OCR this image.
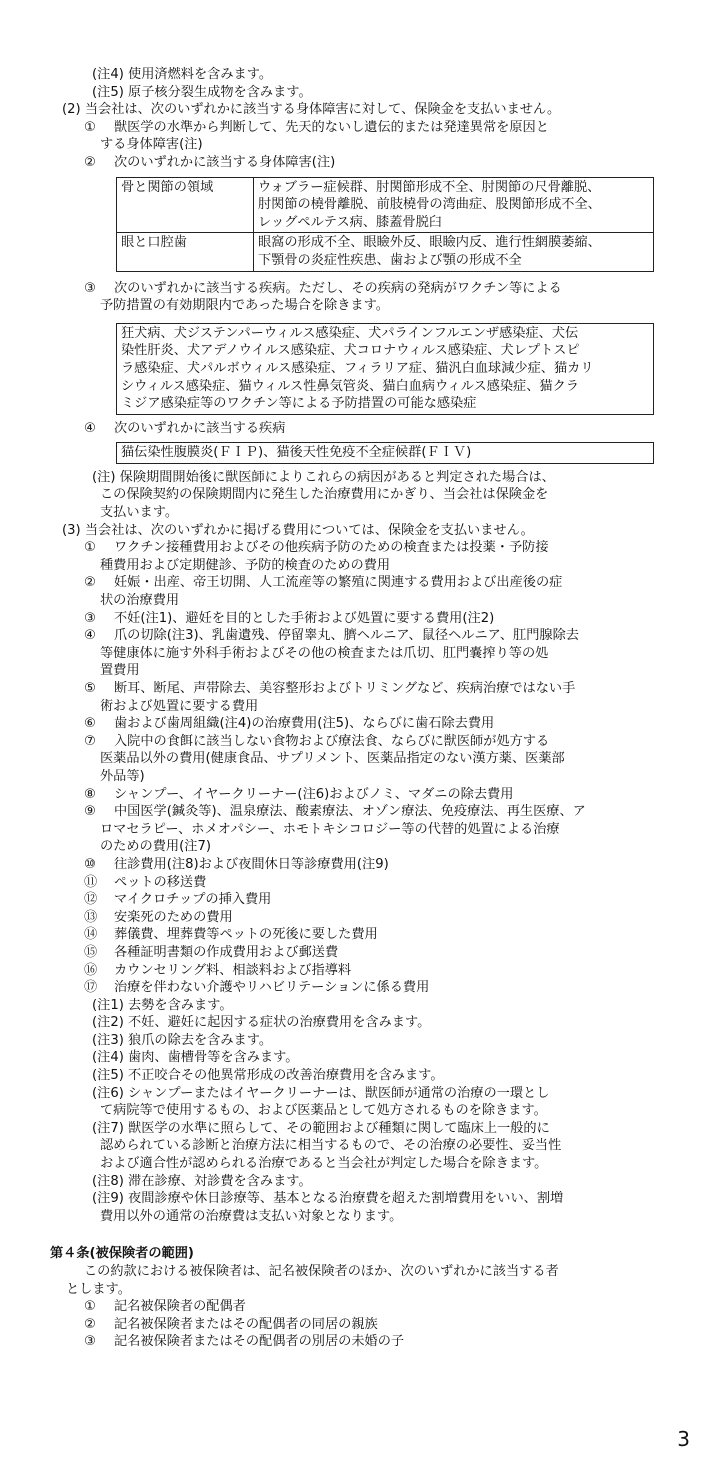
(注4) 使用済燃料を含みます。
(注5) 原子核分裂生成物を含みます。
(2) 当会社は、次のいずれかに該当する身体障害に対して、保険金を支払いません。
①	獣医学の水準から判断して、先天的ないし遺伝的または発達異常を原因と
する身体障害(注)
②	次のいずれかに該当する身体障害(注)
骨と関節の領域	ウォブラー症候群、肘関節形成不全、肘関節の尺骨離脱、
肘関節の橈骨離脱、前肢橈骨の湾曲症、股関節形成不全、
レッグペルテス病、膝蓋骨脱臼

眼と口腔歯	眼窩の形成不全、眼瞼外反、眼瞼内反、進行性網膜萎縮、
下顎骨の炎症性疾患、歯および顎の形成不全
③	次のいずれかに該当する疾病。ただし、その疾病の発病がワクチン等による
予防措置の有効期限内であった場合を除きます。
狂犬病、犬ジステンパーウィルス感染症、犬パラインフルエンザ感染症、犬伝
染性肝炎、犬アデノウイルス感染症、犬コロナウィルス感染症、犬レプトスピ
ラ感染症、犬パルボウィルス感染症、フィラリア症、猫汎白血球減少症、猫カリ
シウィルス感染症、猫ウィルス性鼻気管炎、猫白血病ウィルス感染症、猫クラ
ミジア感染症等のワクチン等による予防措置の可能な感染症
④	次のいずれかに該当する疾病
猫伝染性腹膜炎(ＦＩＰ)、猫後天性免疫不全症候群(ＦＩＶ)
(注) 保険期間開始後に獣医師によりこれらの病因があると判定された場合は、
この保険契約の保険期間内に発生した治療費用にかぎり、当会社は保険金を
支払います。
(3) 当会社は、次のいずれかに掲げる費用については、保険金を支払いません。
①	ワクチン接種費用およびその他疾病予防のための検査または投薬・予防接
種費用および定期健診、予防的検査のための費用
②	妊娠・出産、帝王切開、人工流産等の繁殖に関連する費用および出産後の症
状の治療費用
③	不妊(注1)、避妊を目的とした手術および処置に要する費用(注2)
④	爪の切除(注3)、乳歯遺残、停留睾丸、臍ヘルニア、鼠径ヘルニア、肛門腺除去
等健康体に施す外科手術およびその他の検査または爪切、肛門嚢搾り等の処
置費用
⑤	断耳、断尾、声帯除去、美容整形およびトリミングなど、疾病治療ではない手
術および処置に要する費用
⑥	歯および歯周組織(注4)の治療費用(注5)、ならびに歯石除去費用
⑦	入院中の食餌に該当しない食物および療法食、ならびに獣医師が処方する
医薬品以外の費用(健康食品、サプリメント、医薬品指定のない漢方薬、医薬部
外品等)
⑧	シャンプー、イヤークリーナー(注6)およびノミ、マダニの除去費用
⑨	中国医学(鍼灸等)、温泉療法、酸素療法、オゾン療法、免疫療法、再生医療、ア
ロマセラピー、ホメオパシー、ホモトキシコロジー等の代替的処置による治療
のための費用(注7)
⑩	往診費用(注8)および夜間休日等診療費用(注9)
⑪	ペットの移送費
⑫	マイクロチップの挿入費用
⑬	安楽死のための費用
⑭	葬儀費、埋葬費等ペットの死後に要した費用
⑮	各種証明書類の作成費用および郵送費
⑯	カウンセリング料、相談料および指導料
⑰	治療を伴わない介護やリハビリテーションに係る費用
(注1) 去勢を含みます。
(注2) 不妊、避妊に起因する症状の治療費用を含みます。
(注3) 狼爪の除去を含みます。
(注4) 歯肉、歯槽骨等を含みます。
(注5) 不正咬合その他異常形成の改善治療費用を含みます。
(注6) シャンプーまたはイヤークリーナーは、獣医師が通常の治療の一環とし
て病院等で使用するもの、および医薬品として処方されるものを除きます。
(注7) 獣医学の水準に照らして、その範囲および種類に関して臨床上一般的に
認められている診断と治療方法に相当するもので、その治療の必要性、妥当性
および適合性が認められる治療であると当会社が判定した場合を除きます。
(注8) 滞在診療、対診費を含みます。
(注9) 夜間診療や休日診療等、基本となる治療費を超えた割増費用をいい、割増
費用以外の通常の治療費は支払い対象となります。
第４条(被保険者の範囲)
この約款における被保険者は、記名被保険者のほか、次のいずれかに該当する者
とします。
①	記名被保険者の配偶者
②	記名被保険者またはその配偶者の同居の親族
③	記名被保険者またはその配偶者の別居の未婚の子
3
